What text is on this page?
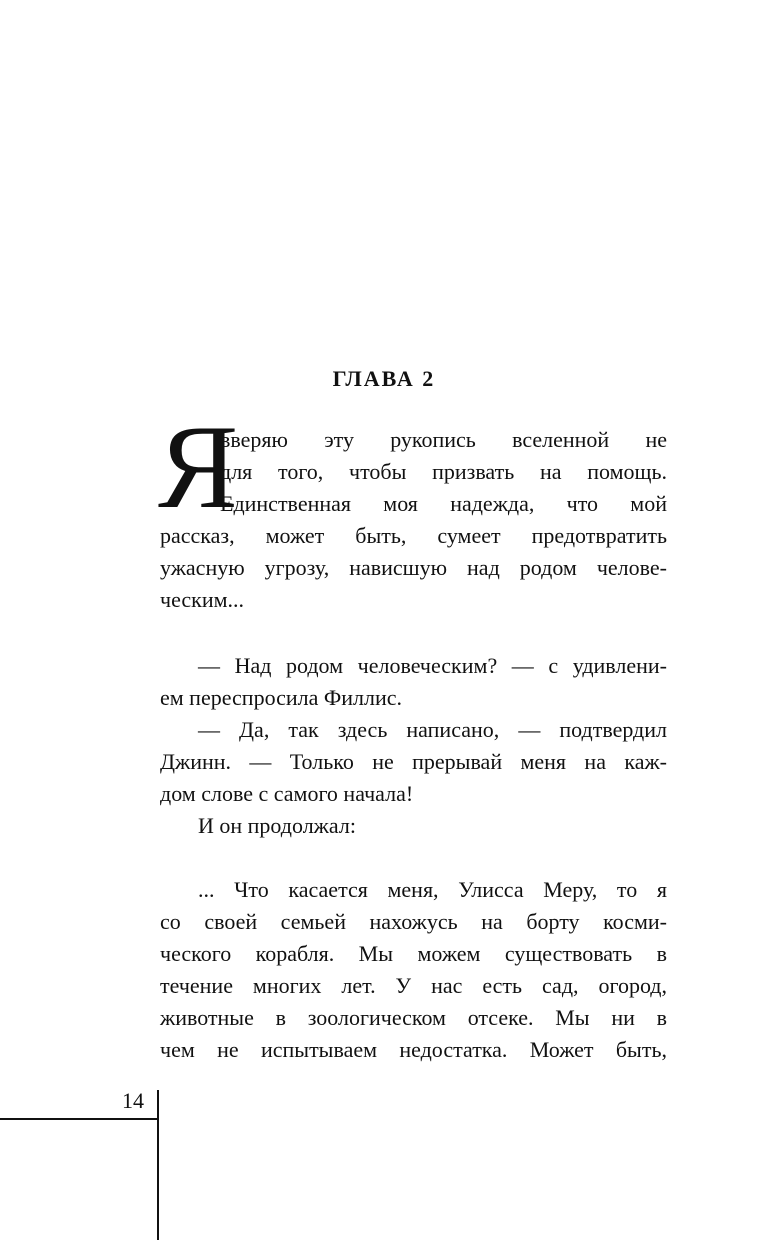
ГЛАВА 2
Я
вверяю эту рукопись вселенной не
для того, чтобы призвать на помощь.
Единственная моя надежда, что мой
рассказ, может быть, сумеет предотвратить
ужасную угрозу, нависшую над родом челове-
ческим...
— Над родом человеческим? — с удивлени-
ем переспросила Филлис.
— Да, так здесь написано, — подтвердил
Джинн. — Только не прерывай меня на каж-
дом слове с самого начала!
И он продолжал:
... Что касается меня, Улисса Меру, то я
со своей семьей нахожусь на борту косми-
ческого корабля. Мы можем существовать в
течение многих лет. У нас есть сад, огород,
животные в зоологическом отсеке. Мы ни в
чем не испытываем недостатка. Может быть,
14
